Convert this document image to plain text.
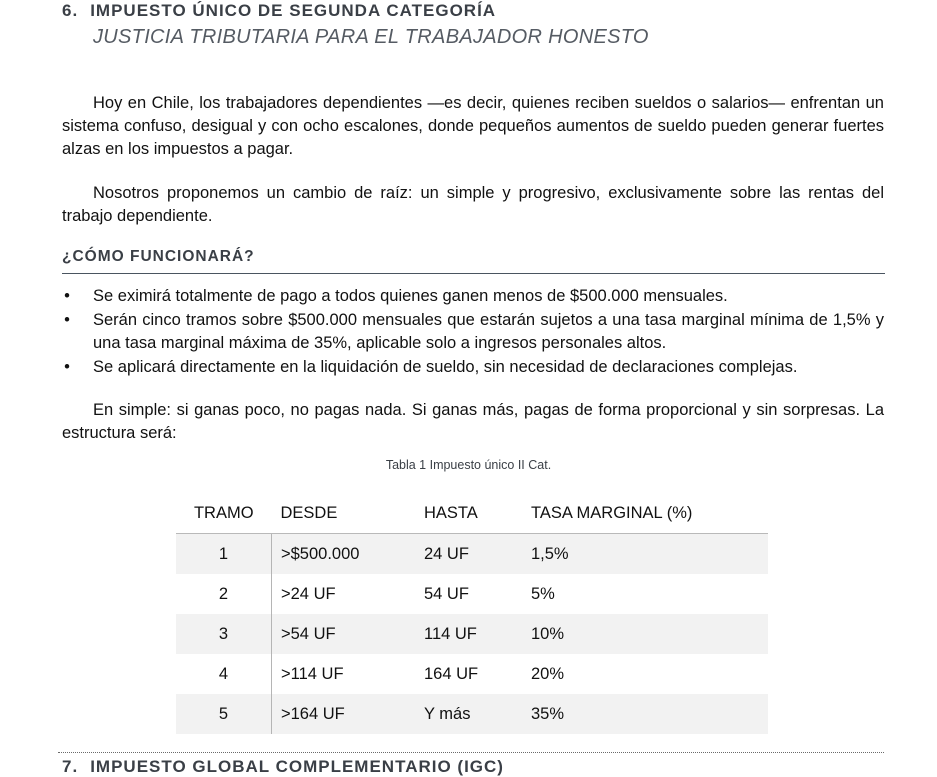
6. IMPUESTO ÚNICO DE SEGUNDA CATEGORÍA
JUSTICIA TRIBUTARIA PARA EL TRABAJADOR HONESTO

Hoy en Chile, los trabajadores dependientes —es decir, quienes reciben sueldos o salarios— enfrentan un sistema confuso, desigual y con ocho escalones, donde pequeños aumentos de sueldo pueden generar fuertes alzas en los impuestos a pagar.

Nosotros proponemos un cambio de raíz: un simple y progresivo, exclusivamente sobre las rentas del trabajo dependiente.

¿CÓMO FUNCIONARÁ?
• Se eximirá totalmente de pago a todos quienes ganen menos de $500.000 mensuales.
• Serán cinco tramos sobre $500.000 mensuales que estarán sujetos a una tasa marginal mínima de 1,5% y una tasa marginal máxima de 35%, aplicable solo a ingresos personales altos.
• Se aplicará directamente en la liquidación de sueldo, sin necesidad de declaraciones complejas.

En simple: si ganas poco, no pagas nada. Si ganas más, pagas de forma proporcional y sin sorpresas. La estructura será:

Tabla 1 Impuesto único II Cat.
TRAMO	DESDE	HASTA	TASA MARGINAL (%)
1	>$500.000	24 UF	1,5%
2	>24 UF	54 UF	5%
3	>54 UF	114 UF	10%
4	>114 UF	164 UF	20%
5	>164 UF	Y más	35%
7. IMPUESTO GLOBAL COMPLEMENTARIO (IGC)
